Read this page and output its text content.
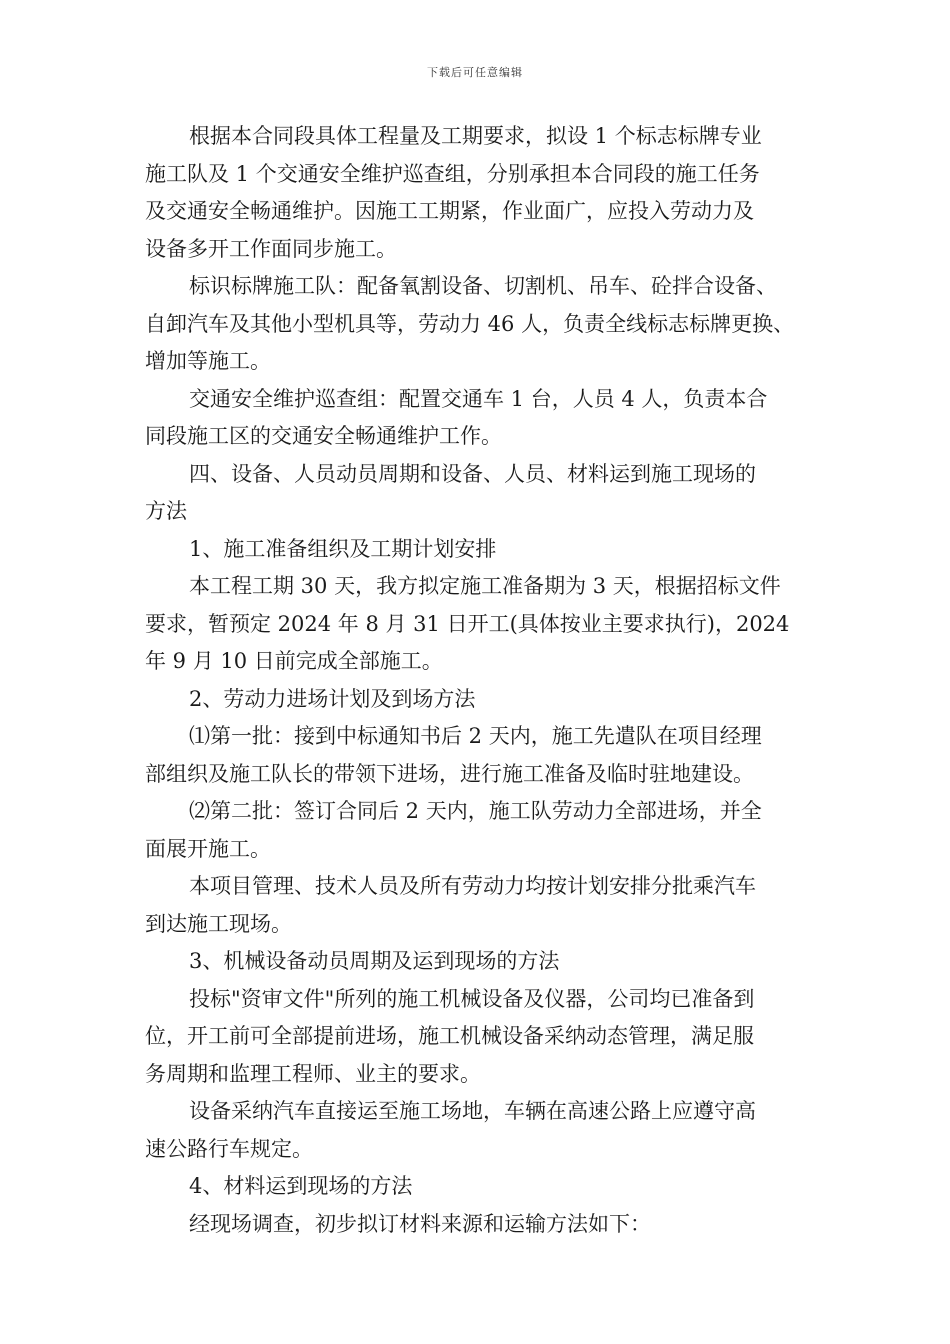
下载后可任意编辑
根据本合同段具体工程量及工期要求，拟设 1 个标志标牌专业
施工队及 1 个交通安全维护巡查组，分别承担本合同段的施工任务
及交通安全畅通维护。因施工工期紧，作业面广，应投入劳动力及
设备多开工作面同步施工。
标识标牌施工队：配备氧割设备、切割机、吊车、砼拌合设备、
自卸汽车及其他小型机具等，劳动力 46 人，负责全线标志标牌更换、
增加等施工。
交通安全维护巡查组：配置交通车 1 台，人员 4 人，负责本合
同段施工区的交通安全畅通维护工作。
四、设备、人员动员周期和设备、人员、材料运到施工现场的
方法
1、施工准备组织及工期计划安排
本工程工期 30 天，我方拟定施工准备期为 3 天，根据招标文件
要求，暂预定 2024 年 8 月 31 日开工(具体按业主要求执行)，2024
年 9 月 10 日前完成全部施工。
2、劳动力进场计划及到场方法
⑴第一批：接到中标通知书后 2 天内，施工先遣队在项目经理
部组织及施工队长的带领下进场，进行施工准备及临时驻地建设。
⑵第二批：签订合同后 2 天内，施工队劳动力全部进场，并全
面展开施工。
本项目管理、技术人员及所有劳动力均按计划安排分批乘汽车
到达施工现场。
3、机械设备动员周期及运到现场的方法
投标"资审文件"所列的施工机械设备及仪器，公司均已准备到
位，开工前可全部提前进场，施工机械设备采纳动态管理，满足服
务周期和监理工程师、业主的要求。
设备采纳汽车直接运至施工场地，车辆在高速公路上应遵守高
速公路行车规定。
4、材料运到现场的方法
经现场调查，初步拟订材料来源和运输方法如下：
